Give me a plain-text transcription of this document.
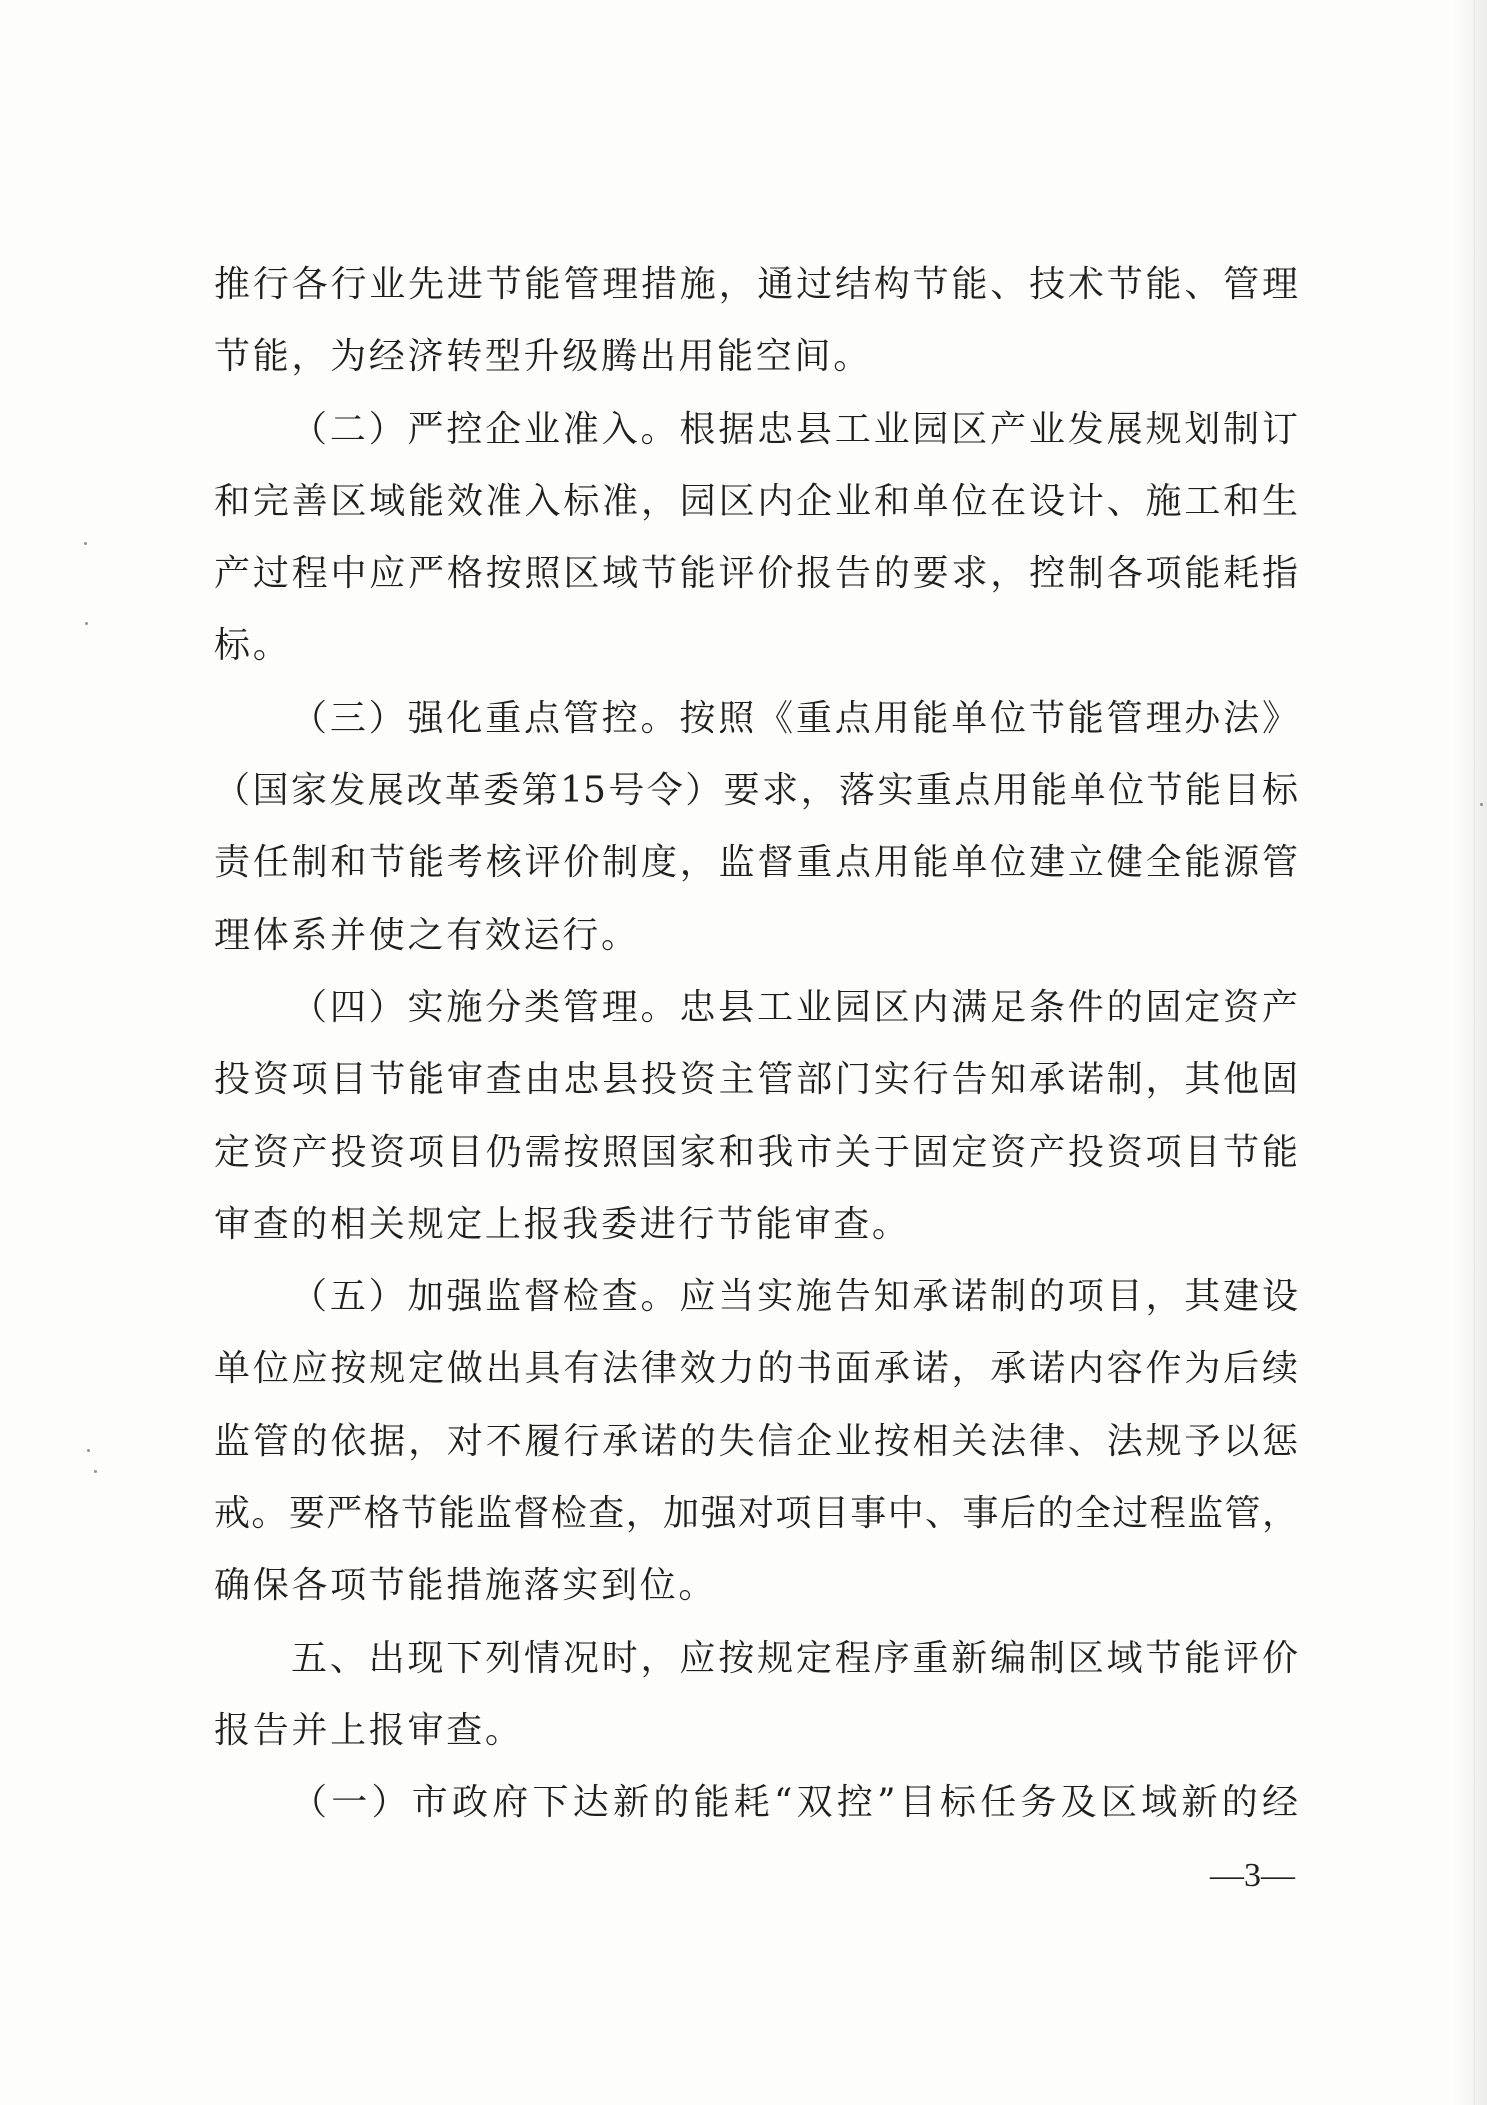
推行各行业先进节能管理措施，通过结构节能、技术节能、管理
节能，为经济转型升级腾出用能空间。
（二）严控企业准入。根据忠县工业园区产业发展规划制订
和完善区域能效准入标准，园区内企业和单位在设计、施工和生
产过程中应严格按照区域节能评价报告的要求，控制各项能耗指
标。
（三）强化重点管控。按照《重点用能单位节能管理办法》
（国家发展改革委第15号令）要求，落实重点用能单位节能目标
责任制和节能考核评价制度，监督重点用能单位建立健全能源管
理体系并使之有效运行。
（四）实施分类管理。忠县工业园区内满足条件的固定资产
投资项目节能审查由忠县投资主管部门实行告知承诺制，其他固
定资产投资项目仍需按照国家和我市关于固定资产投资项目节能
审查的相关规定上报我委进行节能审查。
（五）加强监督检查。应当实施告知承诺制的项目，其建设
单位应按规定做出具有法律效力的书面承诺，承诺内容作为后续
监管的依据，对不履行承诺的失信企业按相关法律、法规予以惩
戒。要严格节能监督检查，加强对项目事中、事后的全过程监管，
确保各项节能措施落实到位。
五、出现下列情况时，应按规定程序重新编制区域节能评价
报告并上报审查。
（一）市政府下达新的能耗“双控”目标任务及区域新的经
—3—
